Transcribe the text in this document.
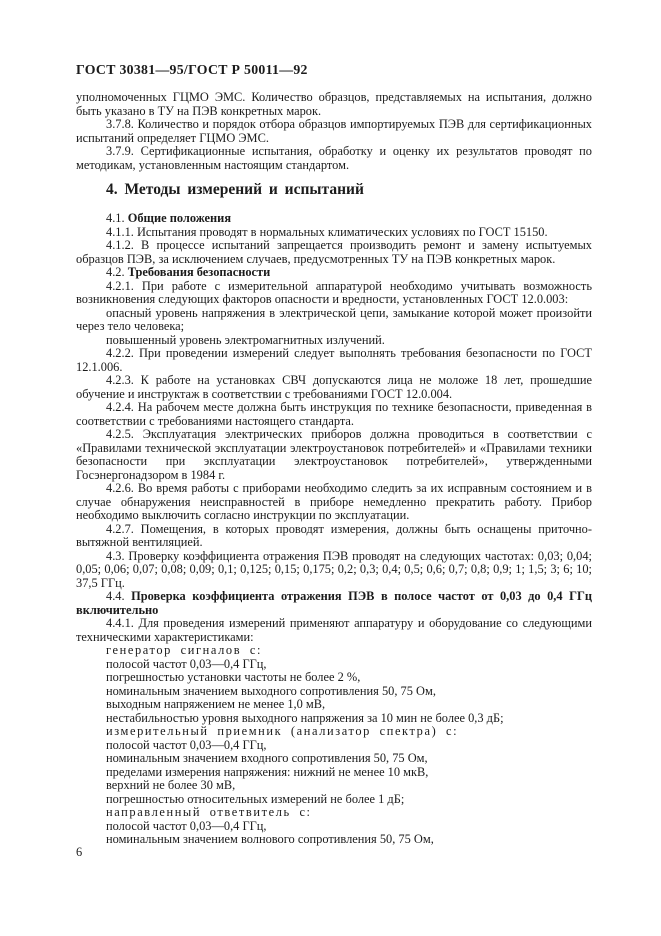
ГОСТ 30381—95/ГОСТ Р 50011—92

уполномоченных ГЦМО ЭМС. Количество образцов, представляемых на испытания, должно быть указано в ТУ на ПЭВ конкретных марок.

3.7.8. Количество и порядок отбора образцов импортируемых ПЭВ для сертификационных испытаний определяет ГЦМО ЭМС.

3.7.9. Сертификационные испытания, обработку и оценку их результатов проводят по методикам, установленным настоящим стандартом.

4. Методы измерений и испытаний

4.1. Общие положения

4.1.1. Испытания проводят в нормальных климатических условиях по ГОСТ 15150.

4.1.2. В процессе испытаний запрещается производить ремонт и замену испытуемых образцов ПЭВ, за исключением случаев, предусмотренных ТУ на ПЭВ конкретных марок.

4.2. Требования безопасности

4.2.1. При работе с измерительной аппаратурой необходимо учитывать возможность возникновения следующих факторов опасности и вредности, установленных ГОСТ 12.0.003:

опасный уровень напряжения в электрической цепи, замыкание которой может произойти через тело человека;

повышенный уровень электромагнитных излучений.

4.2.2. При проведении измерений следует выполнять требования безопасности по ГОСТ 12.1.006.

4.2.3. К работе на установках СВЧ допускаются лица не моложе 18 лет, прошедшие обучение и инструктаж в соответствии с требованиями ГОСТ 12.0.004.

4.2.4. На рабочем месте должна быть инструкция по технике безопасности, приведенная в соответствии с требованиями настоящего стандарта.

4.2.5. Эксплуатация электрических приборов должна проводиться в соответствии с «Правилами технической эксплуатации электроустановок потребителей» и «Правилами техники безопасности при эксплуатации электроустановок потребителей», утвержденными Госэнергонадзором в 1984 г.

4.2.6. Во время работы с приборами необходимо следить за их исправным состоянием и в случае обнаружения неисправностей в приборе немедленно прекратить работу. Прибор необходимо выключить согласно инструкции по эксплуатации.

4.2.7. Помещения, в которых проводят измерения, должны быть оснащены приточно-вытяжной вентиляцией.

4.3. Проверку коэффициента отражения ПЭВ проводят на следующих частотах: 0,03; 0,04; 0,05; 0,06; 0,07; 0,08; 0,09; 0,1; 0,125; 0,15; 0,175; 0,2; 0,3; 0,4; 0,5; 0,6; 0,7; 0,8; 0,9; 1; 1,5; 3; 6; 10; 37,5 ГГц.

4.4. Проверка коэффициента отражения ПЭВ в полосе частот от 0,03 до 0,4 ГГц включительно

4.4.1. Для проведения измерений применяют аппаратуру и оборудование со следующими техническими характеристиками:

генератор сигналов с:

полосой частот 0,03—0,4 ГГц,

погрешностью установки частоты не более 2 %,

номинальным значением выходного сопротивления 50, 75 Ом,

выходным напряжением не менее 1,0 мВ,

нестабильностью уровня выходного напряжения за 10 мин не более 0,3 дБ;

измерительный приемник (анализатор спектра) с:

полосой частот 0,03—0,4 ГГц,

номинальным значением входного сопротивления 50, 75 Ом,

пределами измерения напряжения: нижний не менее 10 мкВ,

верхний не более 30 мВ,

погрешностью относительных измерений не более 1 дБ;

направленный ответвитель с:

полосой частот 0,03—0,4 ГГц,

номинальным значением волнового сопротивления 50, 75 Ом,

6
